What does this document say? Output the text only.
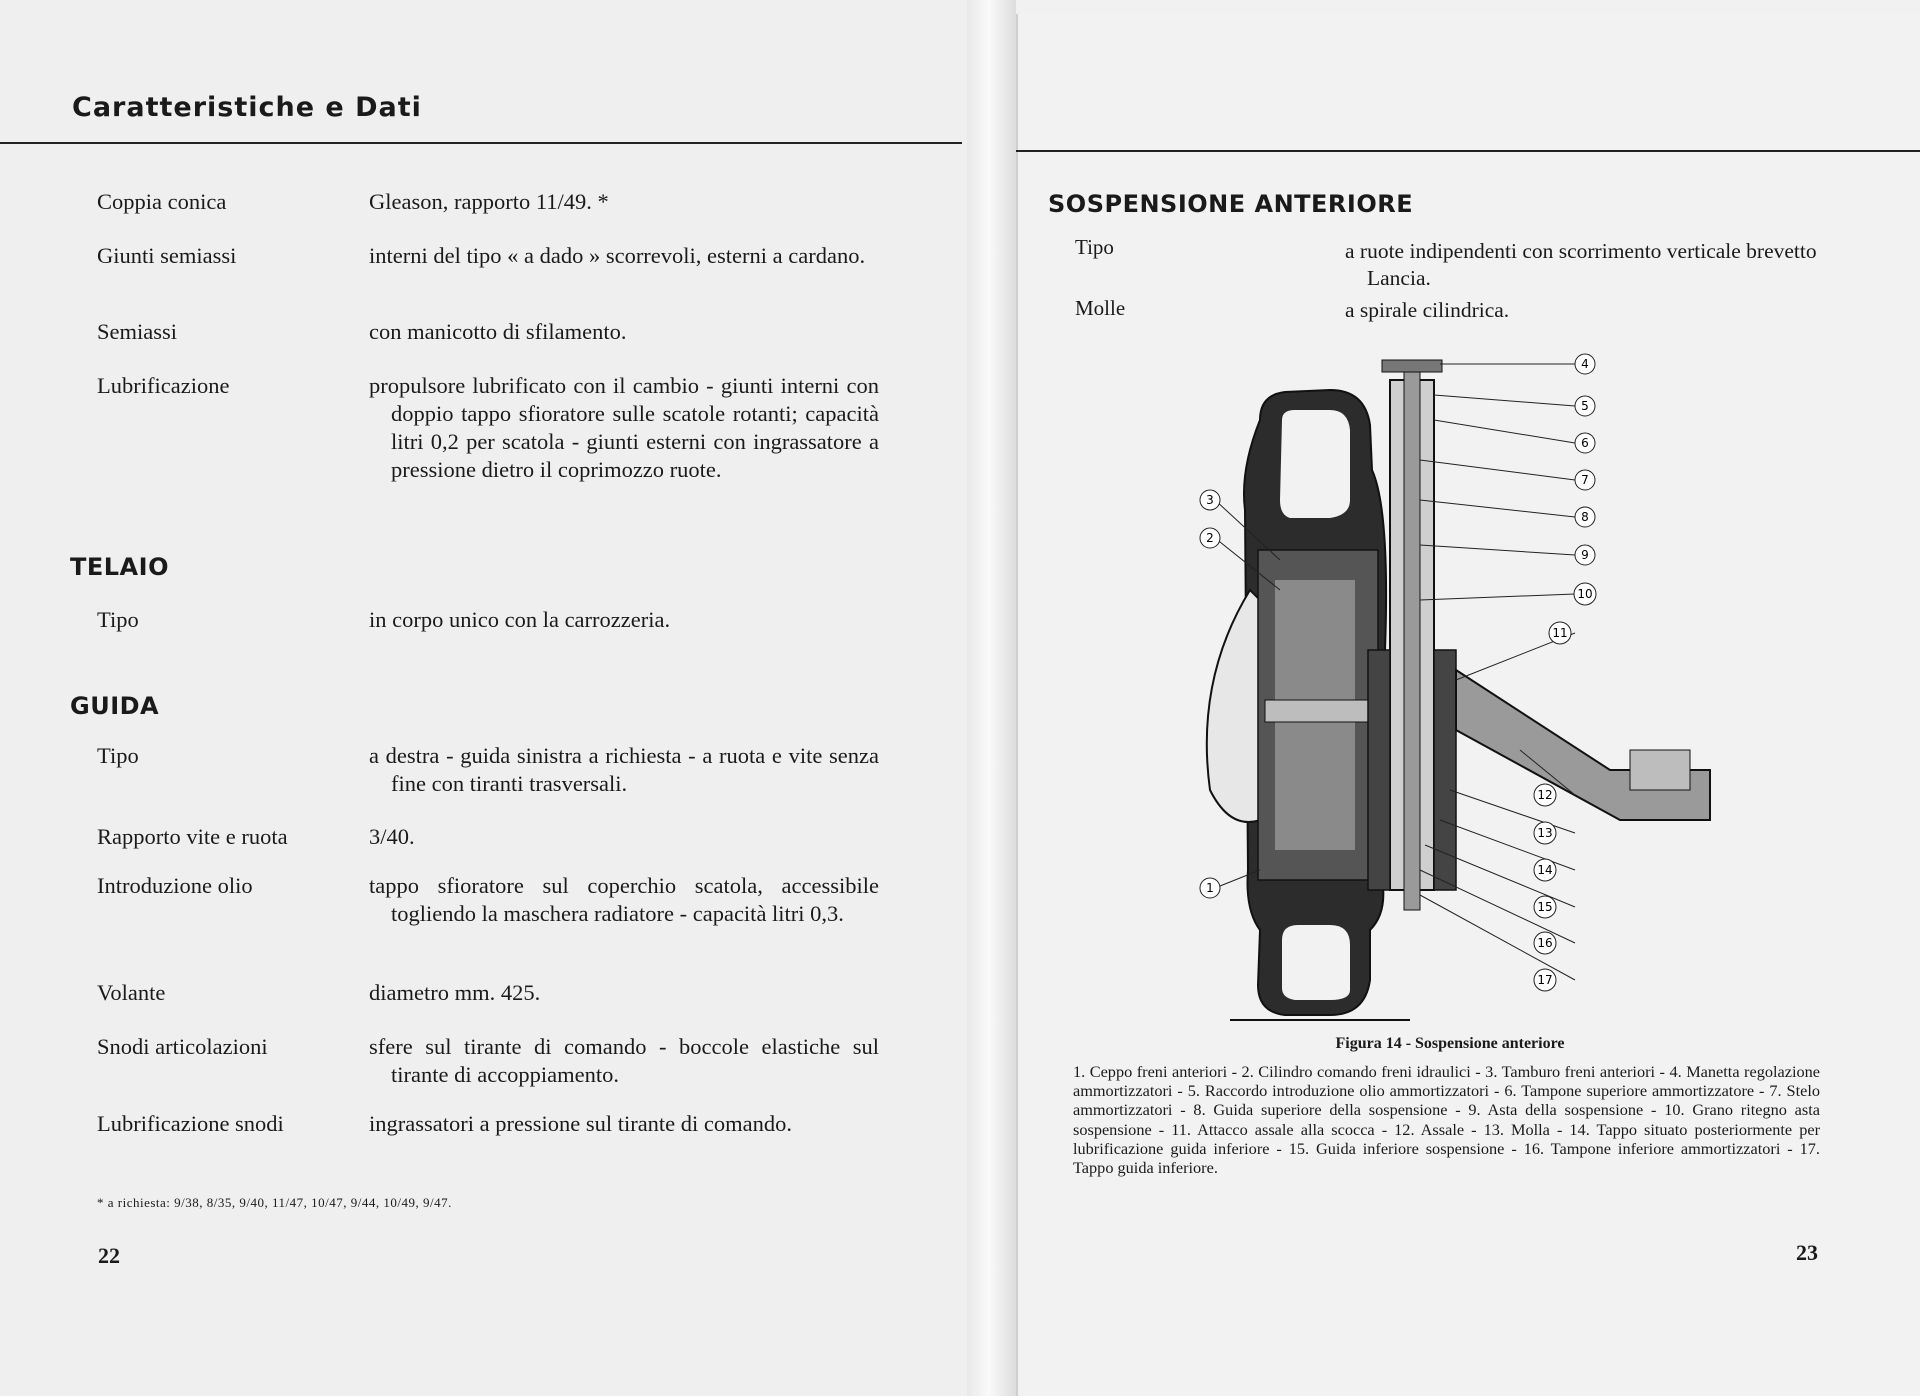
Caratteristiche e Dati
Coppia conica	Gleason, rapporto 11/49. *
Giunti semiassi	interni del tipo « a dado » scorrevoli, esterni a cardano.
Semiassi	con manicotto di sfilamento.
Lubrificazione	propulsore lubrificato con il cambio - giunti interni con doppio tappo sfioratore sulle scatole rotanti; capacità litri 0,2 per scatola - giunti esterni con ingrassatore a pressione dietro il coprimozzo ruote.
TELAIO
Tipo	in corpo unico con la carrozzeria.
GUIDA
Tipo	a destra - guida sinistra a richiesta - a ruota e vite senza fine con tiranti trasversali.
Rapporto vite e ruota	3/40.
Introduzione olio	tappo sfioratore sul coperchio scatola, accessibile togliendo la maschera radiatore - capacità litri 0,3.
Volante	diametro mm. 425.
Snodi articolazioni	sfere sul tirante di comando - boccole elastiche sul tirante di accoppiamento.
Lubrificazione snodi	ingrassatori a pressione sul tirante di comando.
* a richiesta: 9/38, 8/35, 9/40, 11/47, 10/47, 9/44, 10/49, 9/47.
22
SOSPENSIONE ANTERIORE
Tipo	a ruote indipendenti con scorrimento verticale brevetto Lancia.
Molle	a spirale cilindrica.
4
5
6
7
8
9
10
11
12
13
14
15
16
17
1
2
3
Figura 14 - Sospensione anteriore
1. Ceppo freni anteriori - 2. Cilindro comando freni idraulici - 3. Tamburo freni anteriori - 4. Manetta regolazione ammortizzatori - 5. Raccordo introduzione olio ammortizzatori - 6. Tampone superiore ammortizzatore - 7. Stelo ammortizzatori - 8. Guida superiore della sospensione - 9. Asta della sospensione - 10. Grano ritegno asta sospensione - 11. Attacco assale alla scocca - 12. Assale - 13. Molla - 14. Tappo situato posteriormente per lubrificazione guida inferiore - 15. Guida inferiore sospensione - 16. Tampone inferiore ammortizzatori - 17. Tappo guida inferiore.
23
